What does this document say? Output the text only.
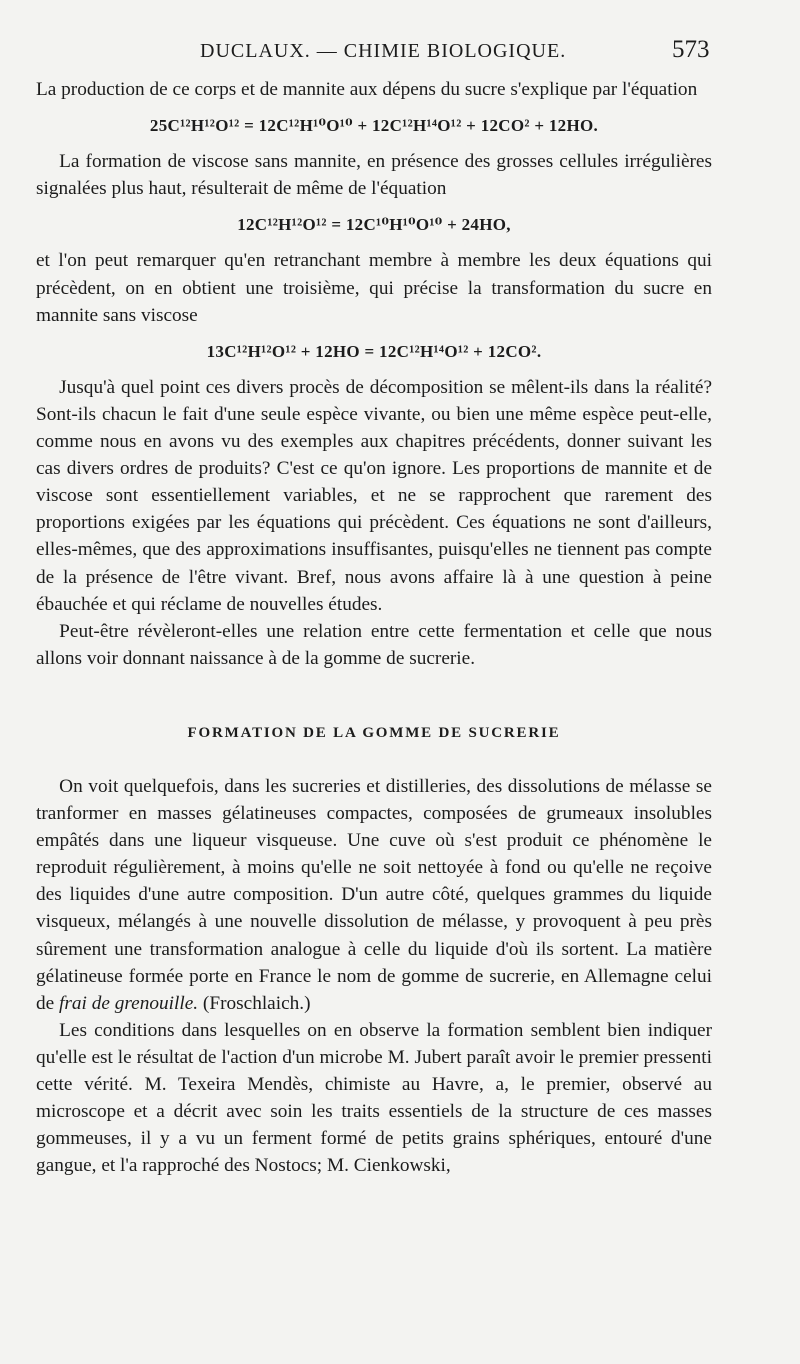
DUCLAUX. — CHIMIE BIOLOGIQUE.	573

La production de ce corps et de mannite aux dépens du sucre s'explique par l'équation

25C¹²H¹²O¹² = 12C¹²H¹⁰O¹⁰ + 12C¹²H¹⁴O¹² + 12CO² + 12HO.

La formation de viscose sans mannite, en présence des grosses cellules irrégulières signalées plus haut, résulterait de même de l'équation

12C¹²H¹²O¹² = 12C¹⁰H¹⁰O¹⁰ + 24HO,

et l'on peut remarquer qu'en retranchant membre à membre les deux équations qui précèdent, on en obtient une troisième, qui précise la transformation du sucre en mannite sans viscose

13C¹²H¹²O¹² + 12HO = 12C¹²H¹⁴O¹² + 12CO².

Jusqu'à quel point ces divers procès de décomposition se mêlent-ils dans la réalité? Sont-ils chacun le fait d'une seule espèce vivante, ou bien une même espèce peut-elle, comme nous en avons vu des exemples aux chapitres précédents, donner suivant les cas divers ordres de produits? C'est ce qu'on ignore. Les proportions de mannite et de viscose sont essentiellement variables, et ne se rapprochent que rarement des proportions exigées par les équations qui précèdent. Ces équations ne sont d'ailleurs, elles-mêmes, que des approximations insuffisantes, puisqu'elles ne tiennent pas compte de la présence de l'être vivant. Bref, nous avons affaire là à une question à peine ébauchée et qui réclame de nouvelles études.

Peut-être révèleront-elles une relation entre cette fermentation et celle que nous allons voir donnant naissance à de la gomme de sucrerie.

FORMATION DE LA GOMME DE SUCRERIE

On voit quelquefois, dans les sucreries et distilleries, des dissolutions de mélasse se tranformer en masses gélatineuses compactes, composées de grumeaux insolubles empâtés dans une liqueur visqueuse. Une cuve où s'est produit ce phénomène le reproduit régulièrement, à moins qu'elle ne soit nettoyée à fond ou qu'elle ne reçoive des liquides d'une autre composition. D'un autre côté, quelques grammes du liquide visqueux, mélangés à une nouvelle dissolution de mélasse, y provoquent à peu près sûrement une transformation analogue à celle du liquide d'où ils sortent. La matière gélatineuse formée porte en France le nom de gomme de sucrerie, en Allemagne celui de frai de grenouille. (Froschlaich.)

Les conditions dans lesquelles on en observe la formation semblent bien indiquer qu'elle est le résultat de l'action d'un microbe M. Jubert paraît avoir le premier pressenti cette vérité. M. Texeira Mendès, chimiste au Havre, a, le premier, observé au microscope et a décrit avec soin les traits essentiels de la structure de ces masses gommeuses, il y a vu un ferment formé de petits grains sphériques, entouré d'une gangue, et l'a rapproché des Nostocs; M. Cienkowski,
